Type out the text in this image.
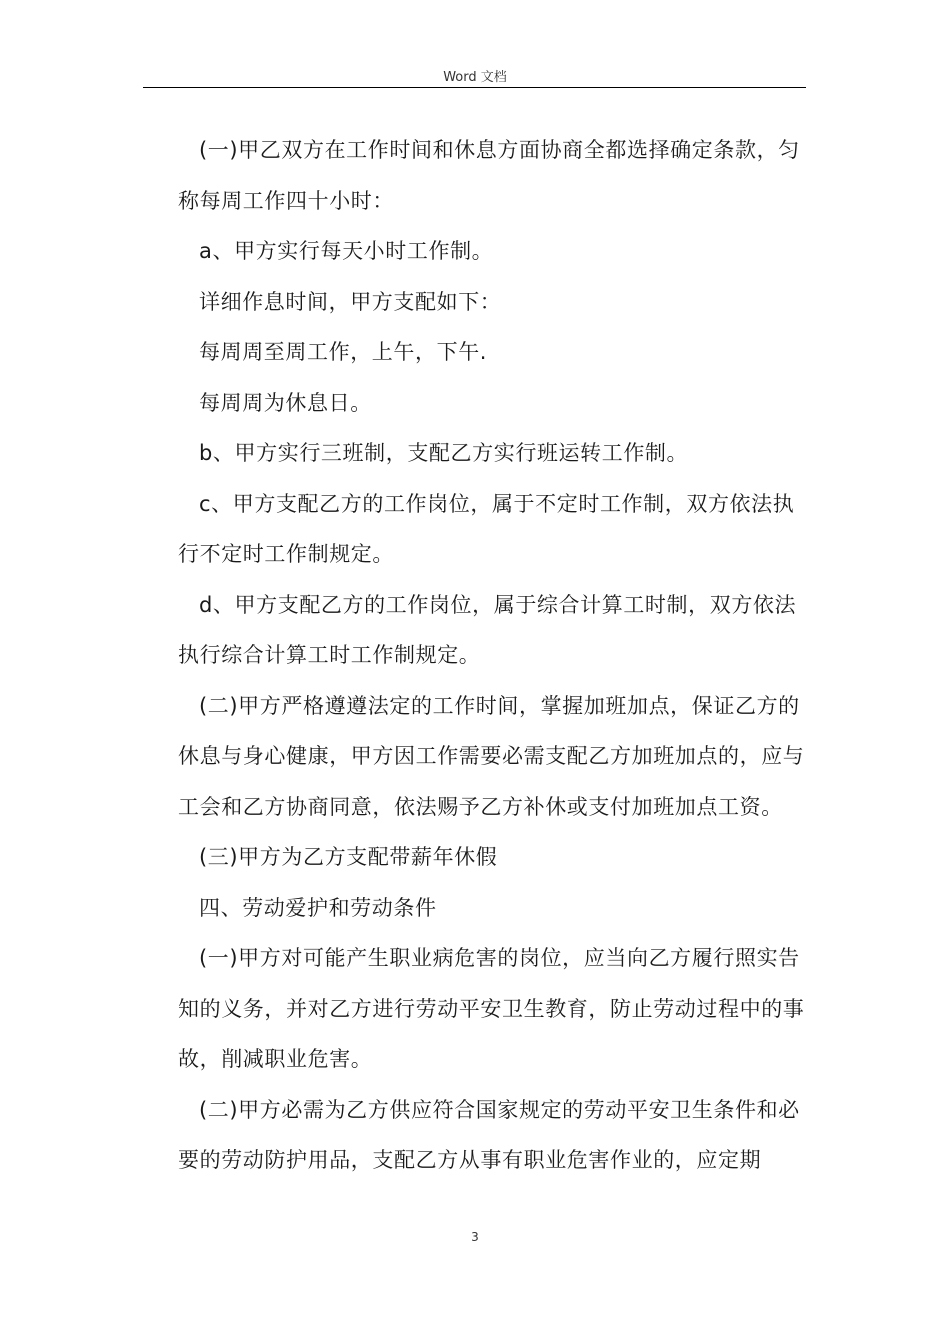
Word 文档

(一)甲乙双方在工作时间和休息方面协商全都选择确定条款，匀称每周工作四十小时：

a、甲方实行每天小时工作制。

详细作息时间，甲方支配如下：

每周周至周工作，上午，下午.

每周周为休息日。

b、甲方实行三班制，支配乙方实行班运转工作制。

c、甲方支配乙方的工作岗位，属于不定时工作制，双方依法执行不定时工作制规定。

d、甲方支配乙方的工作岗位，属于综合计算工时制，双方依法执行综合计算工时工作制规定。

(二)甲方严格遵遵法定的工作时间，掌握加班加点，保证乙方的休息与身心健康，甲方因工作需要必需支配乙方加班加点的，应与工会和乙方协商同意，依法赐予乙方补休或支付加班加点工资。

(三)甲方为乙方支配带薪年休假

四、劳动爱护和劳动条件

(一)甲方对可能产生职业病危害的岗位，应当向乙方履行照实告知的义务，并对乙方进行劳动平安卫生教育，防止劳动过程中的事故，削减职业危害。

(二)甲方必需为乙方供应符合国家规定的劳动平安卫生条件和必要的劳动防护用品，支配乙方从事有职业危害作业的，应定期

3
